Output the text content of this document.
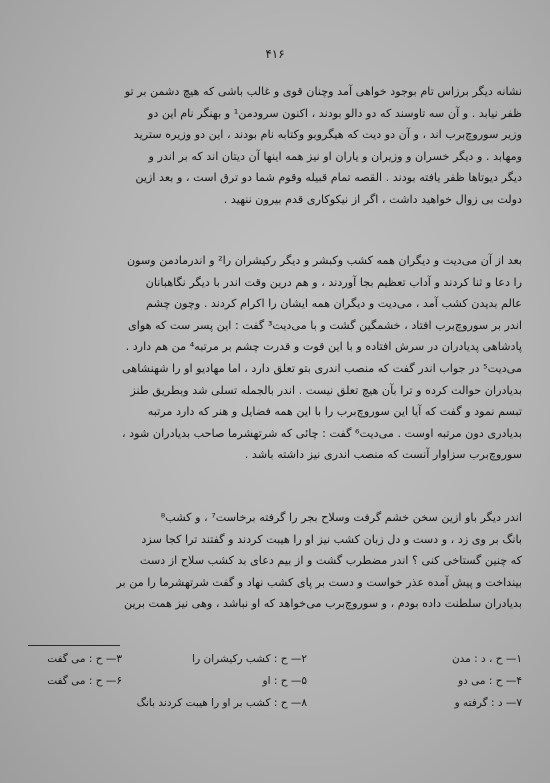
۴۱۶

نشانه دیگر برزاس تام بوجود خواهی آمد وچنان قوی و غالب باشی که هیچ دشمن بر تو

ظفر نیابد . و آن سه تاوسند که دو دالو بودند ، اکنون سرودمن¹ و بهنگر نام این دو

وزیر سوروچ‌برب اند ، و آن دو دیت که هیگروبو وکتابه نام بودند ، این دو وزیره سترید

ومهابد . و دیگر خسران و وزیران و یاران او نیز همه اینها آن دیتان اند که بر اندر و

دیگر دیوتاها ظفر یافته بودند . القصه تمام قبیله وقوم شما دو ترق است ، و بعد ازین

دولت بی زوال خواهید داشت ، اگر از نیکوکاری قدم بیرون ننهید .

بعد از آن می‌دیت و دیگران همه کشب وکبشر و دیگر رکیشران را² و اندرمادمن وسون

را دعا و ثنا کردند و آداب تعظیم بجا آوردند ، و هم درین وقت اندر با دیگر نگاهبانان

عالم بدیدن کشب آمد ، می‌دیت و دیگران همه ایشان را اکرام کردند . وچون چشم

اندر بر سوروچ‌برب افتاد ، خشمگین گشت و با می‌دیت³ گفت : این پسر ست که هوای

پادشاهی پدیادران در سرش افتاده و با این قوت و قدرت چشم بر مرتبه⁴ من هم دارد .

می‌دیت⁵ در جواب اندر گفت که منصب اندری بتو تعلق دارد ، اما مهادیو او را شهنشاهی

بدیادران حوالت کرده و ترا بآن هیچ تعلق نیست . اندر بالجمله تسلی شد وبطریق طنز

تبسم نمود و گفت که آیا این سوروچ‌برب را با این همه فضایل و هنر که دارد مرتبه

بدیادری دون مرتبه اوست . می‌دیت⁶ گفت : چائی که شرتهشرما صاحب بدیادران شود ،

سوروچ‌برب سزاوار آنست که منصب اندری نیز داشته باشد .

اندر دیگر باو ازین سخن خشم گرفت وسلاح بجر را گرفته برخاست⁷ ، و کشب⁸

بانگ بر وی زد ، و دست و دل زبان کشب نیز او را هیبت کردند و گفتند ترا کجا سزد

که چنین گستاخی کنی ؟ اندر مضطرب گشت و از بیم دعای بد کشب سلاح از دست

بینداخت و پیش آمده عذر خواست و دست بر پای کشب نهاد و گفت شرتهشرما را من بر

بدیادران سلطنت داده بودم ، و سوروچ‌برب می‌خواهد که او نباشد ، وهی نیز همت برین

۱— ح ، د : مدن
۴— ح : می دو
۷— د : گرفته و
۲— ح : کشب رکیشران را
۵— ح : او
۸— ح : کشب بر او را هیبت کردند بانگ
۳— ح : می گفت
۶— ح : می گفت
